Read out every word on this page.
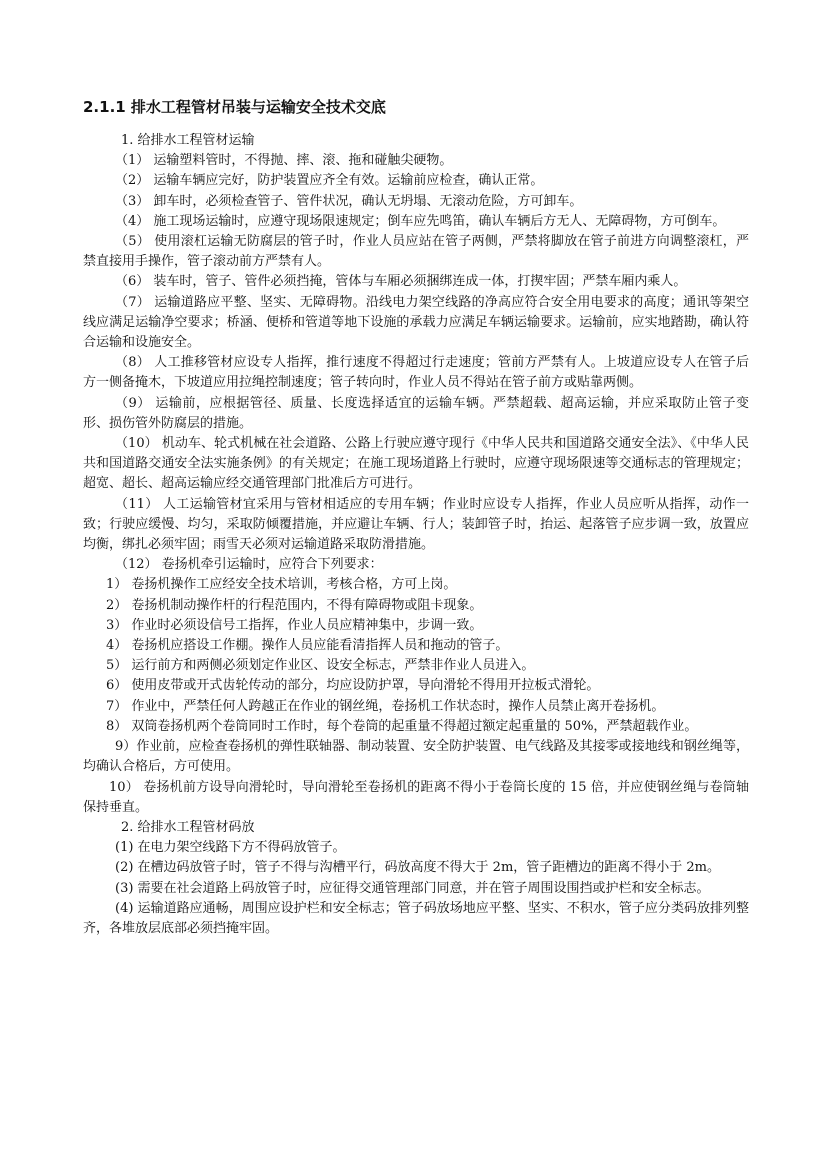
2.1.1 排水工程管材吊装与运输安全技术交底

1. 给排水工程管材运输

（1） 运输塑料管时，不得抛、摔、滚、拖和碰触尖硬物。

（2） 运输车辆应完好，防护装置应齐全有效。运输前应检查，确认正常。

（3） 卸车时，必须检查管子、管件状况，确认无坍塌、无滚动危险，方可卸车。

（4） 施工现场运输时，应遵守现场限速规定；倒车应先鸣笛，确认车辆后方无人、无障碍物，方可倒车。

（5） 使用滚杠运输无防腐层的管子时，作业人员应站在管子两侧，严禁将脚放在管子前进方向调整滚杠，严禁直接用手操作，管子滚动前方严禁有人。

（6） 装车时，管子、管件必须挡掩，管体与车厢必须捆绑连成一体，打揳牢固；严禁车厢内乘人。

（7） 运输道路应平整、坚实、无障碍物。沿线电力架空线路的净高应符合安全用电要求的高度；通讯等架空线应满足运输净空要求；桥涵、便桥和管道等地下设施的承载力应满足车辆运输要求。运输前，应实地踏勘，确认符合运输和设施安全。

（8） 人工推移管材应设专人指挥，推行速度不得超过行走速度；管前方严禁有人。上坡道应设专人在管子后方一侧备掩木，下坡道应用拉绳控制速度；管子转向时，作业人员不得站在管子前方或贴靠两侧。

（9） 运输前，应根据管径、质量、长度选择适宜的运输车辆。严禁超载、超高运输，并应采取防止管子变形、损伤管外防腐层的措施。

（10） 机动车、轮式机械在社会道路、公路上行驶应遵守现行《中华人民共和国道路交通安全法》、《中华人民共和国道路交通安全法实施条例》的有关规定；在施工现场道路上行驶时，应遵守现场限速等交通标志的管理规定；超宽、超长、超高运输应经交通管理部门批准后方可进行。

（11） 人工运输管材宜采用与管材相适应的专用车辆；作业时应设专人指挥，作业人员应听从指挥，动作一致；行驶应缓慢、均匀，采取防倾覆措施，并应避让车辆、行人；装卸管子时，抬运、起落管子应步调一致，放置应均衡，绑扎必须牢固；雨雪天必须对运输道路采取防滑措施。

（12） 卷扬机牵引运输时，应符合下列要求：

1） 卷扬机操作工应经安全技术培训，考核合格，方可上岗。

2） 卷扬机制动操作杆的行程范围内，不得有障碍物或阻卡现象。

3） 作业时必须设信号工指挥，作业人员应精神集中，步调一致。

4） 卷扬机应搭设工作棚。操作人员应能看清指挥人员和拖动的管子。

5） 运行前方和两侧必须划定作业区、设安全标志，严禁非作业人员进入。

6） 使用皮带或开式齿轮传动的部分，均应设防护罩，导向滑轮不得用开拉板式滑轮。

7） 作业中，严禁任何人跨越正在作业的钢丝绳，卷扬机工作状态时，操作人员禁止离开卷扬机。

8） 双筒卷扬机两个卷筒同时工作时，每个卷筒的起重量不得超过额定起重量的 50%，严禁超载作业。

9）作业前，应检查卷扬机的弹性联轴器、制动装置、安全防护装置、电气线路及其接零或接地线和钢丝绳等，均确认合格后，方可使用。

10） 卷扬机前方设导向滑轮时，导向滑轮至卷扬机的距离不得小于卷筒长度的 15 倍，并应使钢丝绳与卷筒轴保持垂直。

2. 给排水工程管材码放

(1) 在电力架空线路下方不得码放管子。

(2) 在槽边码放管子时，管子不得与沟槽平行，码放高度不得大于 2m，管子距槽边的距离不得小于 2m。

(3) 需要在社会道路上码放管子时，应征得交通管理部门同意，并在管子周围设围挡或护栏和安全标志。

(4) 运输道路应通畅，周围应设护栏和安全标志；管子码放场地应平整、坚实、不积水，管子应分类码放排列整齐，各堆放层底部必须挡掩牢固。
